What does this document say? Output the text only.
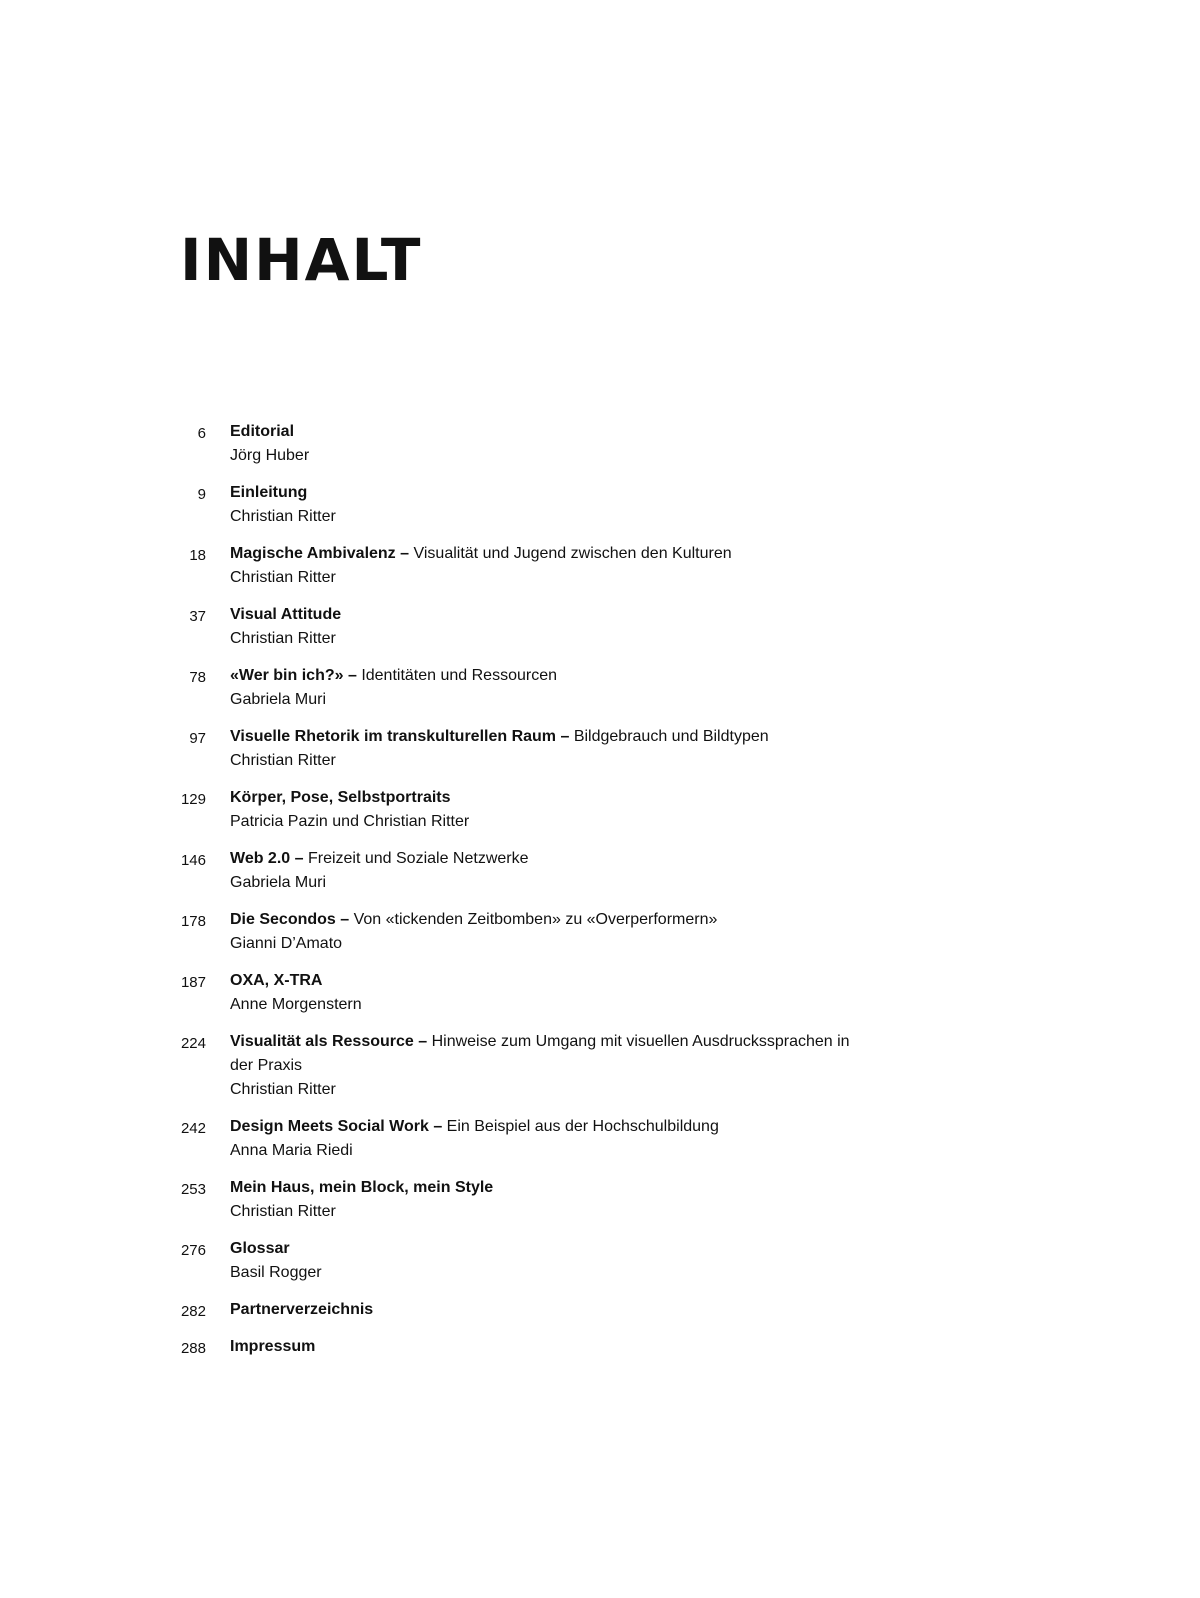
INHALT
6 Editorial
Jörg Huber
9 Einleitung
Christian Ritter
18 Magische Ambivalenz – Visualität und Jugend zwischen den Kulturen
Christian Ritter
37 Visual Attitude
Christian Ritter
78 «Wer bin ich?» – Identitäten und Ressourcen
Gabriela Muri
97 Visuelle Rhetorik im transkulturellen Raum – Bildgebrauch und Bildtypen
Christian Ritter
129 Körper, Pose, Selbstportraits
Patricia Pazin und Christian Ritter
146 Web 2.0 – Freizeit und Soziale Netzwerke
Gabriela Muri
178 Die Secondos – Von «tickenden Zeitbomben» zu «Overperformern»
Gianni D’Amato
187 OXA, X-TRA
Anne Morgenstern
224 Visualität als Ressource – Hinweise zum Umgang mit visuellen Ausdruckssprachen in der Praxis
Christian Ritter
242 Design Meets Social Work – Ein Beispiel aus der Hochschulbildung
Anna Maria Riedi
253 Mein Haus, mein Block, mein Style
Christian Ritter
276 Glossar
Basil Rogger
282 Partnerverzeichnis
288 Impressum
